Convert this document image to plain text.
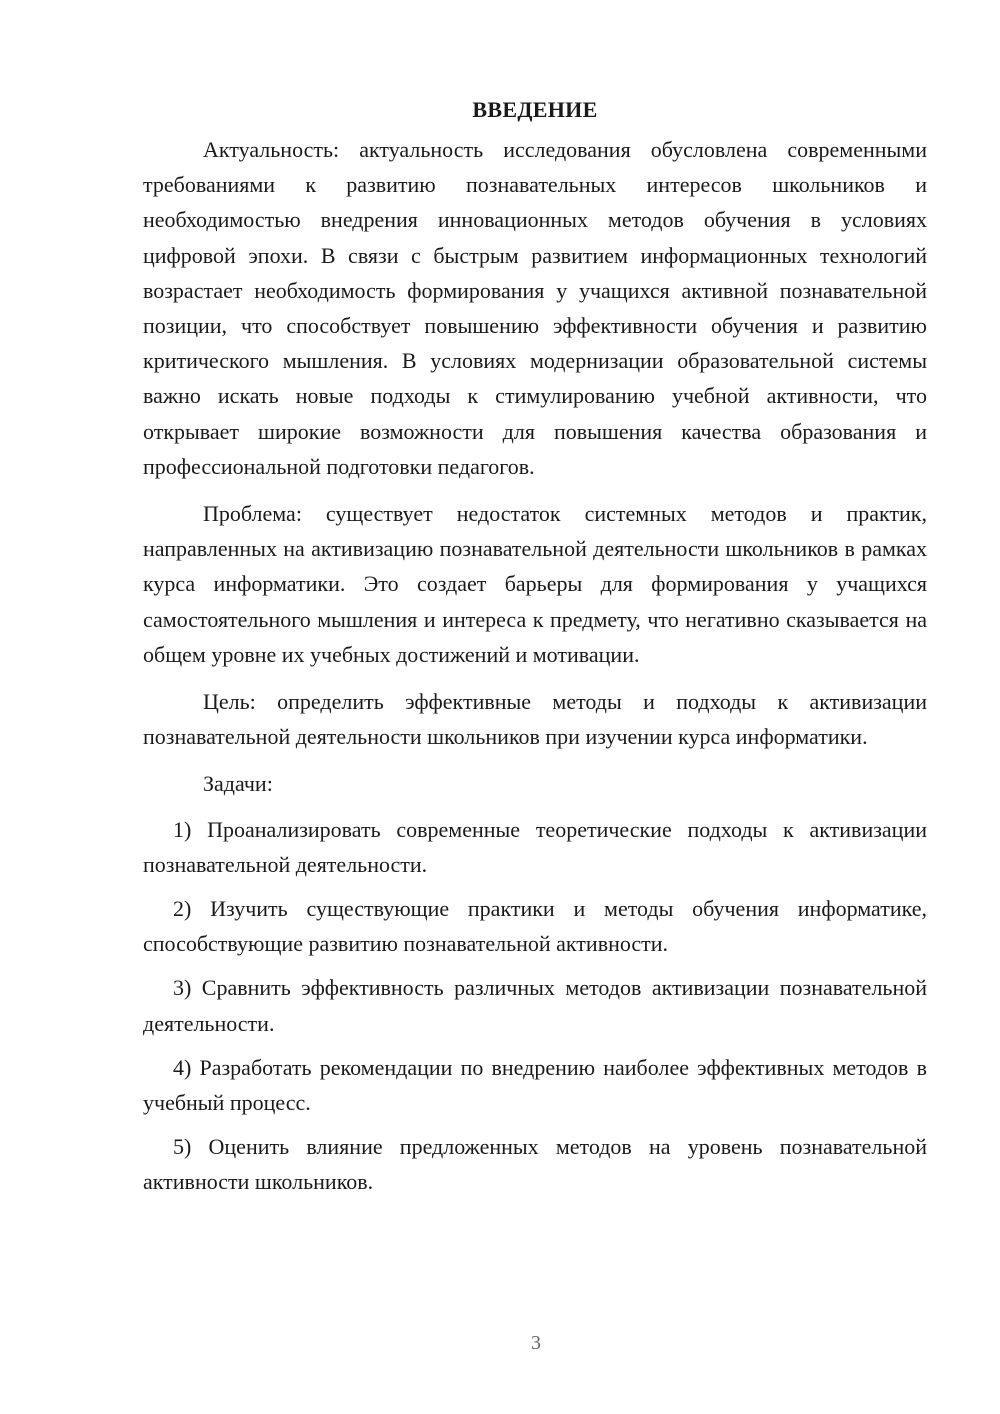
ВВЕДЕНИЕ

Актуальность: актуальность исследования обусловлена современными требованиями к развитию познавательных интересов школьников и необходимостью внедрения инновационных методов обучения в условиях цифровой эпохи. В связи с быстрым развитием информационных технологий возрастает необходимость формирования у учащихся активной познавательной позиции, что способствует повышению эффективности обучения и развитию критического мышления. В условиях модернизации образовательной системы важно искать новые подходы к стимулированию учебной активности, что открывает широкие возможности для повышения качества образования и профессиональной подготовки педагогов.

Проблема: существует недостаток системных методов и практик, направленных на активизацию познавательной деятельности школьников в рамках курса информатики. Это создает барьеры для формирования у учащихся самостоятельного мышления и интереса к предмету, что негативно сказывается на общем уровне их учебных достижений и мотивации.

Цель: определить эффективные методы и подходы к активизации познавательной деятельности школьников при изучении курса информатики.

Задачи:

1) Проанализировать современные теоретические подходы к активизации познавательной деятельности.

2) Изучить существующие практики и методы обучения информатике, способствующие развитию познавательной активности.

3) Сравнить эффективность различных методов активизации познавательной деятельности.

4) Разработать рекомендации по внедрению наиболее эффективных методов в учебный процесс.

5) Оценить влияние предложенных методов на уровень познавательной активности школьников.

3
